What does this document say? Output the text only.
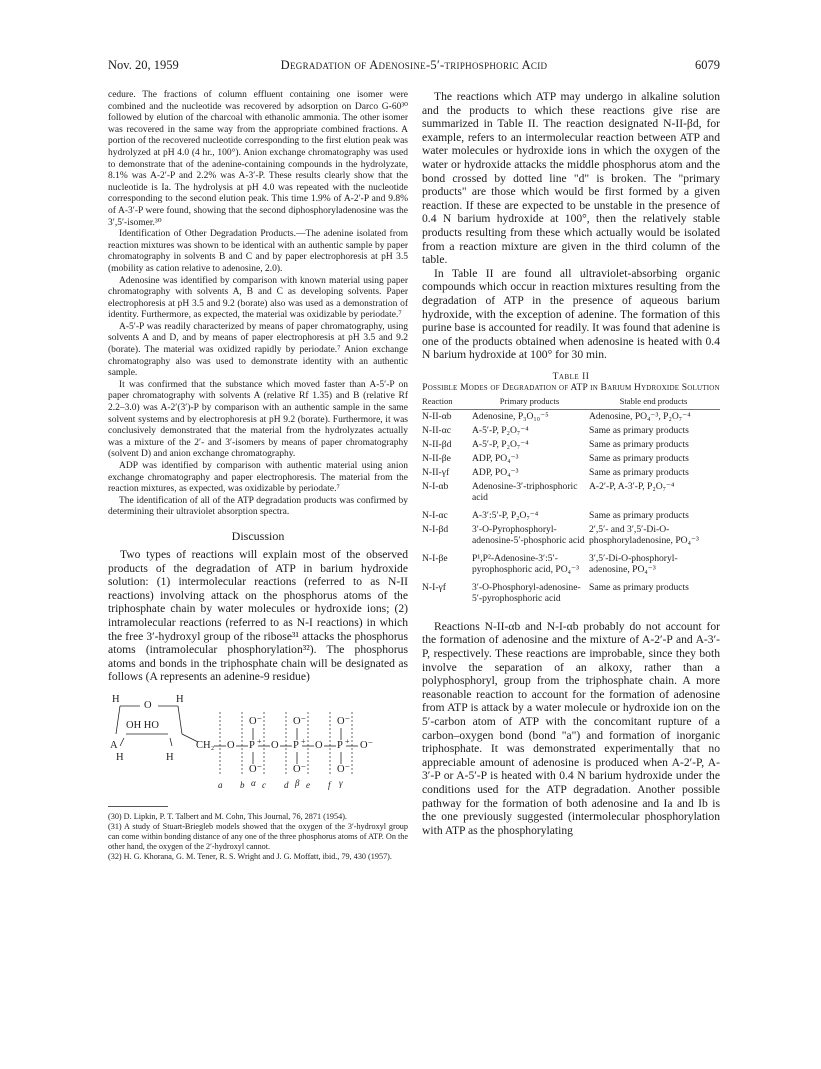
Nov. 20, 1959	Degradation of Adenosine-5′-triphosphoric Acid	6079

cedure. The fractions of column effluent containing one isomer were combined and the nucleotide was recovered by adsorption on Darco G-60³⁰ followed by elution of the charcoal with ethanolic ammonia. The other isomer was recovered in the same way from the appropriate combined fractions. A portion of the recovered nucleotide corresponding to the first elution peak was hydrolyzed at pH 4.0 (4 hr., 100°). Anion exchange chromatography was used to demonstrate that of the adenine-containing compounds in the hydrolyzate, 8.1% was A-2′-P and 2.2% was A-3′-P. These results clearly show that the nucleotide is Ia. The hydrolysis at pH 4.0 was repeated with the nucleotide corresponding to the second elution peak. This time 1.9% of A-2′-P and 9.8% of A-3′-P were found, showing that the second diphosphoryladenosine was the 3′,5′-isomer.³⁰

Identification of Other Degradation Products.—The adenine isolated from reaction mixtures was shown to be identical with an authentic sample by paper chromatography in solvents B and C and by paper electrophoresis at pH 3.5 (mobility as cation relative to adenosine, 2.0).

Adenosine was identified by comparison with known material using paper chromatography with solvents A, B and C as developing solvents. Paper electrophoresis at pH 3.5 and 9.2 (borate) also was used as a demonstration of identity. Furthermore, as expected, the material was oxidizable by periodate.⁷

A-5′-P was readily characterized by means of paper chromatography, using solvents A and D, and by means of paper electrophoresis at pH 3.5 and 9.2 (borate). The material was oxidized rapidly by periodate.⁷ Anion exchange chromatography also was used to demonstrate identity with an authentic sample.

It was confirmed that the substance which moved faster than A-5′-P on paper chromatography with solvents A (relative Rf 1.35) and B (relative Rf 2.2–3.0) was A-2′(3′)-P by comparison with an authentic sample in the same solvent systems and by electrophoresis at pH 9.2 (borate). Furthermore, it was conclusively demonstrated that the material from the hydrolyzates actually was a mixture of the 2′- and 3′-isomers by means of paper chromatography (solvent D) and anion exchange chromatography.

ADP was identified by comparison with authentic material using anion exchange chromatography and paper electrophoresis. The material from the reaction mixtures, as expected, was oxidizable by periodate.⁷

The identification of all of the ATP degradation products was confirmed by determining their ultraviolet absorption spectra.

Discussion

Two types of reactions will explain most of the observed products of the degradation of ATP in barium hydroxide solution: (1) intermolecular reactions (referred to as N-II reactions) involving attack on the phosphorus atoms of the triphosphate chain by water molecules or hydroxide ions; (2) intramolecular reactions (referred to as N-I reactions) in which the free 3′-hydroxyl group of the ribose³¹ attacks the phosphorus atoms (intramolecular phosphorylation³²). The phosphorus atoms and bonds in the triphosphate chain will be designated as follows (A represents an adenine-9 residue)

H
O
H
OH HO
A
H	H
CH₂ O P + O P + O P + O⁻
O⁻	O⁻	O⁻
O⁻	O⁻	O⁻
a b α c d β e f γ

(30) D. Lipkin, P. T. Talbert and M. Cohn, This Journal, 76, 2871 (1954).

(31) A study of Stuart-Briegleb models showed that the oxygen of the 3′-hydroxyl group can come within bonding distance of any one of the three phosphorus atoms of ATP. On the other hand, the oxygen of the 2′-hydroxyl cannot.

(32) H. G. Khorana, G. M. Tener, R. S. Wright and J. G. Moffatt, ibid., 79, 430 (1957).

The reactions which ATP may undergo in alkaline solution and the products to which these reactions give rise are summarized in Table II. The reaction designated N-II-βd, for example, refers to an intermolecular reaction between ATP and water molecules or hydroxide ions in which the oxygen of the water or hydroxide attacks the middle phosphorus atom and the bond crossed by dotted line "d" is broken. The "primary products" are those which would be first formed by a given reaction. If these are expected to be unstable in the presence of 0.4 N barium hydroxide at 100°, then the relatively stable products resulting from these which actually would be isolated from a reaction mixture are given in the third column of the table.

In Table II are found all ultraviolet-absorbing organic compounds which occur in reaction mixtures resulting from the degradation of ATP in the presence of aqueous barium hydroxide, with the exception of adenine. The formation of this purine base is accounted for readily. It was found that adenine is one of the products obtained when adenosine is heated with 0.4 N barium hydroxide at 100° for 30 min.

Table II
Possible Modes of Degradation of ATP in Barium Hydroxide Solution
Reaction	Primary products	Stable end products
N-II-αb	Adenosine, P₃O₁₀⁻⁵	Adenosine, PO₄⁻³, P₂O₇⁻⁴
N-II-αc	A-5′-P, P₂O₇⁻⁴	Same as primary products
N-II-βd	A-5′-P, P₂O₇⁻⁴	Same as primary products
N-II-βe	ADP, PO₄⁻³	Same as primary products
N-II-γf	ADP, PO₄⁻³	Same as primary products
N-I-αb	Adenosine-3′-triphosphoric acid	A-2′-P, A-3′-P, P₂O₇⁻⁴
N-I-αc	A-3′:5′-P, P₂O₇⁻⁴	Same as primary products
N-I-βd	3′-O-Pyrophosphoryl-adenosine-5′-phosphoric acid	2′,5′- and 3′,5′-Di-O-phosphoryladenosine, PO₄⁻³
N-I-βe	P¹,P²-Adenosine-3′:5′-pyrophosphoric acid, PO₄⁻³	3′,5′-Di-O-phosphoryl-adenosine, PO₄⁻³
N-I-γf	3′-O-Phosphoryl-adenosine-5′-pyrophosphoric acid	Same as primary products

Reactions N-II-αb and N-I-αb probably do not account for the formation of adenosine and the mixture of A-2′-P and A-3′-P, respectively. These reactions are improbable, since they both involve the separation of an alkoxy, rather than a polyphosphoryl, group from the triphosphate chain. A more reasonable reaction to account for the formation of adenosine from ATP is attack by a water molecule or hydroxide ion on the 5′-carbon atom of ATP with the concomitant rupture of a carbon–oxygen bond (bond "a") and formation of inorganic triphosphate. It was demonstrated experimentally that no appreciable amount of adenosine is produced when A-2′-P, A-3′-P or A-5′-P is heated with 0.4 N barium hydroxide under the conditions used for the ATP degradation. Another possible pathway for the formation of both adenosine and Ia and Ib is the one previously suggested (intermolecular phosphorylation with ATP as the phosphorylating
